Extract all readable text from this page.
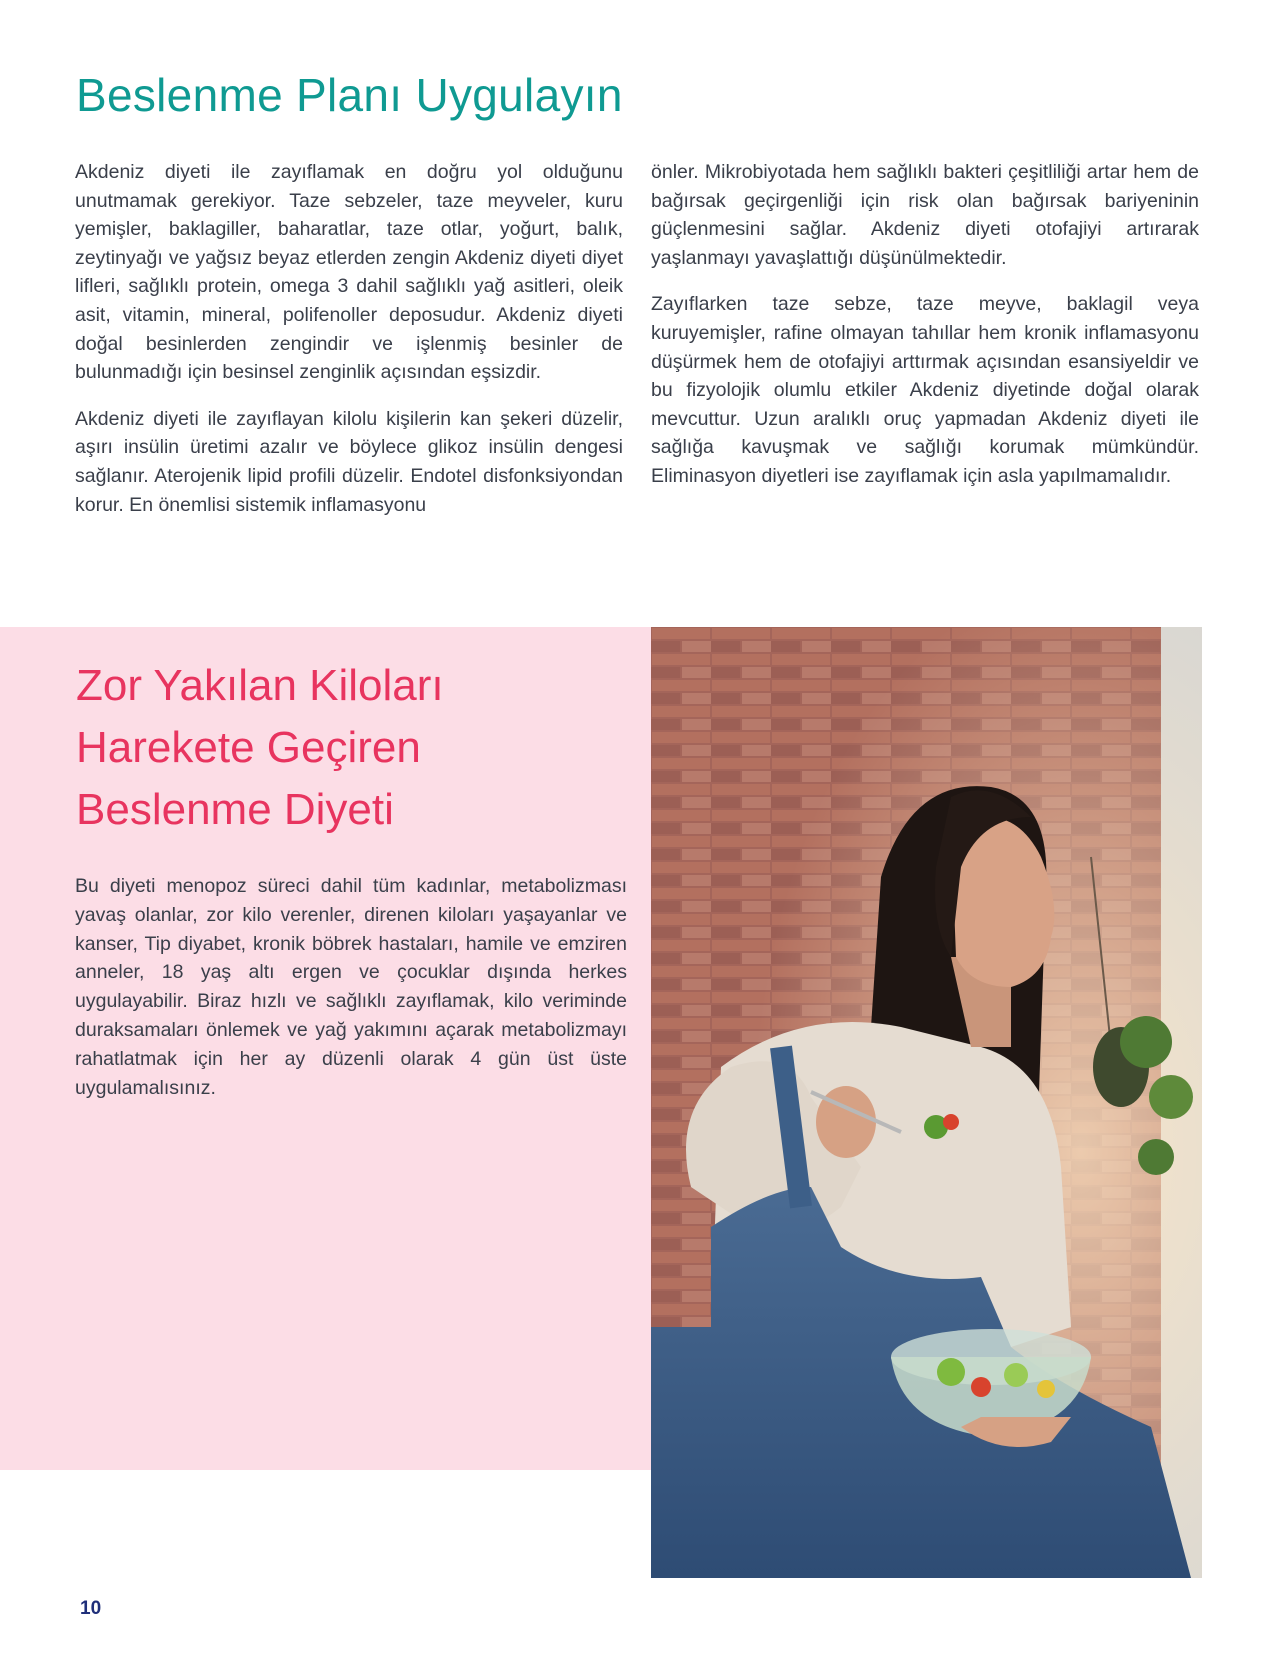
Beslenme Planı Uygulayın

Akdeniz diyeti ile zayıflamak en doğru yol olduğunu unutmamak gerekiyor. Taze sebzeler, taze meyveler, kuru yemişler, baklagiller, baharatlar, taze otlar, yoğurt, balık, zeytinyağı ve yağsız beyaz etlerden zengin Akdeniz diyeti diyet lifleri, sağlıklı protein, omega 3 dahil sağlıklı yağ asitleri, oleik asit, vitamin, mineral, polifenoller deposudur. Akdeniz diyeti doğal besinlerden zengindir ve işlenmiş besinler de bulunmadığı için besinsel zenginlik açısından eşsizdir.

Akdeniz diyeti ile zayıflayan kilolu kişilerin kan şekeri düzelir, aşırı insülin üretimi azalır ve böylece glikoz insülin dengesi sağlanır. Aterojenik lipid profili düzelir. Endotel disfonksiyondan korur. En önemlisi sistemik inflamasyonu

önler. Mikrobiyotada hem sağlıklı bakteri çeşitliliği artar hem de bağırsak geçirgenliği için risk olan bağırsak bariyeninin güçlenmesini sağlar. Akdeniz diyeti otofajiyi artırarak yaşlanmayı yavaşlattığı düşünülmektedir.

Zayıflarken taze sebze, taze meyve, baklagil veya kuruyemişler, rafine olmayan tahıllar hem kronik inflamasyonu düşürmek hem de otofajiyi arttırmak açısından esansiyeldir ve bu fizyolojik olumlu etkiler Akdeniz diyetinde doğal olarak mevcuttur. Uzun aralıklı oruç yapmadan Akdeniz diyeti ile sağlığa kavuşmak ve sağlığı korumak mümkündür. Eliminasyon diyetleri ise zayıflamak için asla yapılmamalıdır.

Zor Yakılan Kiloları
Harekete Geçiren
Beslenme Diyeti

Bu diyeti menopoz süreci dahil tüm kadınlar, metabolizması yavaş olanlar, zor kilo verenler, direnen kiloları yaşayanlar ve kanser, Tip diyabet, kronik böbrek hastaları, hamile ve emziren anneler, 18 yaş altı ergen ve çocuklar dışında herkes uygulayabilir. Biraz hızlı ve sağlıklı zayıflamak, kilo veriminde duraksamaları önlemek ve yağ yakımını açarak metabolizmayı rahatlatmak için her ay düzenli olarak 4 gün üst üste uygulamalısınız.

10
